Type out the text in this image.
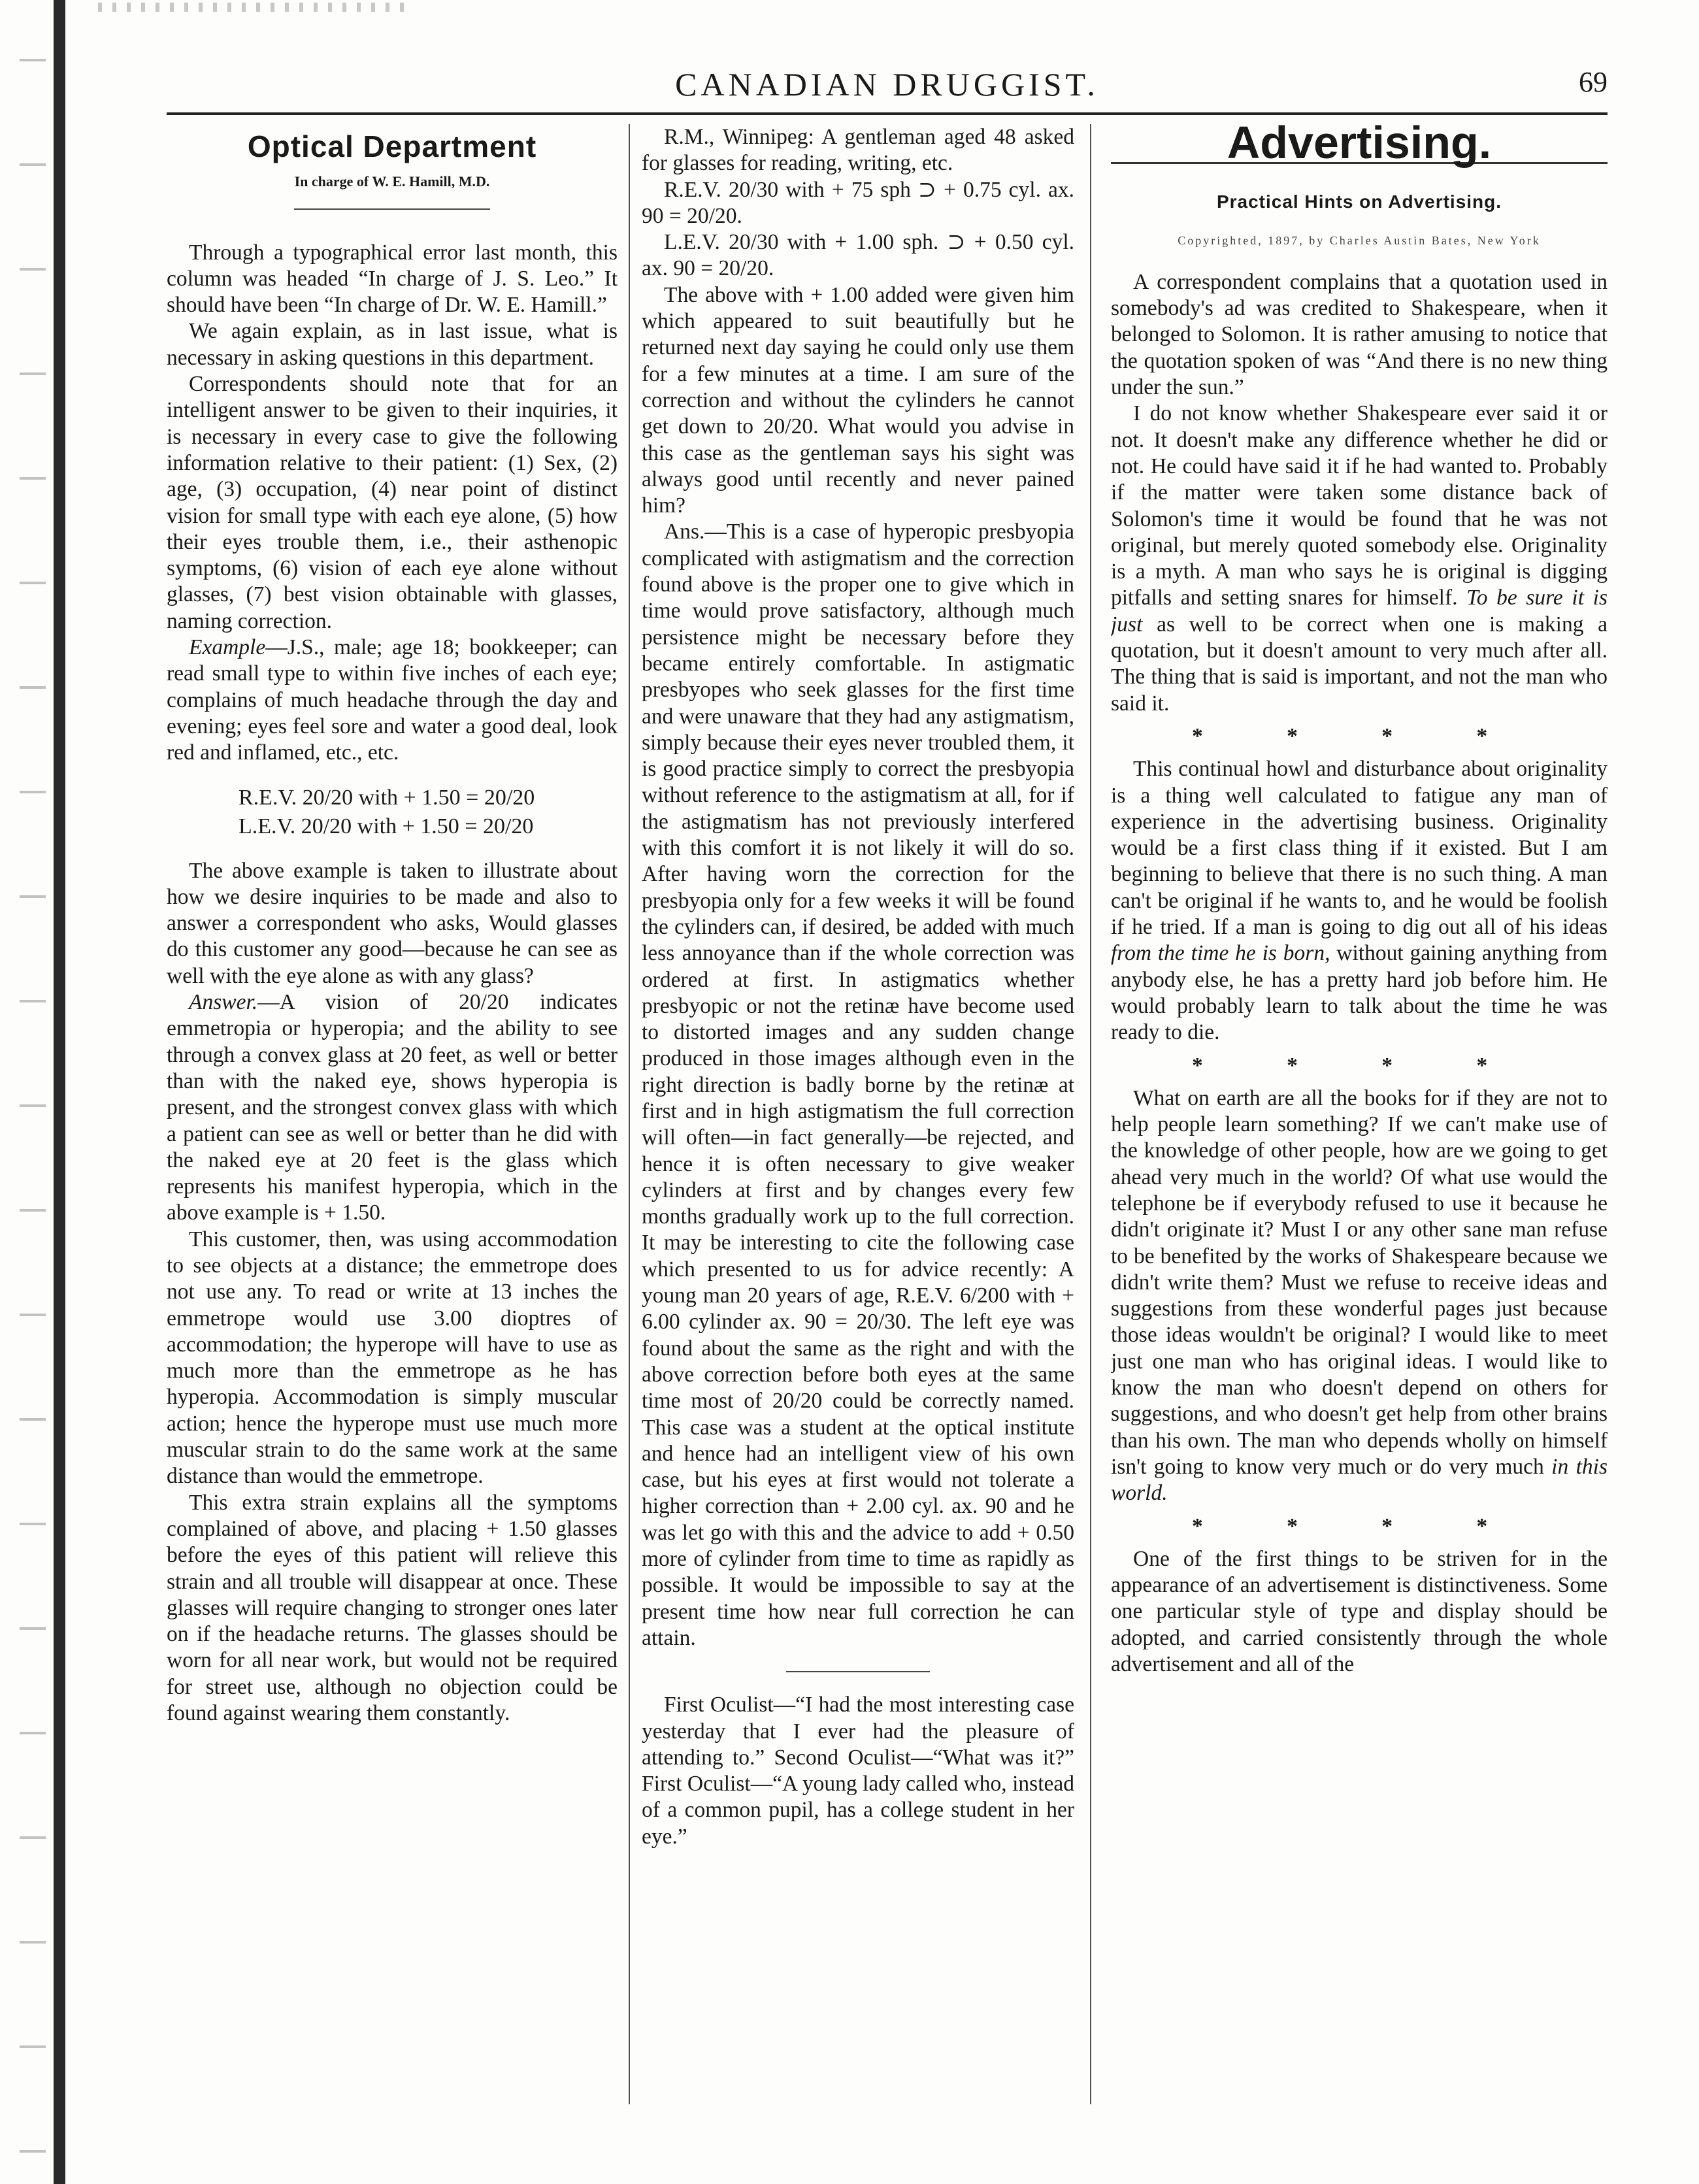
CANADIAN DRUGGIST.	69
Optical Department
In charge of W. E. Hamill, M.D.

Through a typographical error last month, this column was headed “In charge of J. S. Leo.” It should have been “In charge of Dr. W. E. Hamill.”

We again explain, as in last issue, what is necessary in asking questions in this department.

Correspondents should note that for an intelligent answer to be given to their inquiries, it is necessary in every case to give the following information relative to their patient: (1) Sex, (2) age, (3) occupation, (4) near point of distinct vision for small type with each eye alone, (5) how their eyes trouble them, i.e., their asthenopic symptoms, (6) vision of each eye alone without glasses, (7) best vision obtainable with glasses, naming correction.

Example—J.S., male; age 18; bookkeeper; can read small type to within five inches of each eye; complains of much headache through the day and evening; eyes feel sore and water a good deal, look red and inflamed, etc., etc.

R.E.V. 20/20 with + 1.50 = 20/20
L.E.V. 20/20 with + 1.50 = 20/20

The above example is taken to illustrate about how we desire inquiries to be made and also to answer a correspondent who asks, Would glasses do this customer any good—because he can see as well with the eye alone as with any glass?

Answer.—A vision of 20/20 indicates emmetropia or hyperopia; and the ability to see through a convex glass at 20 feet, as well or better than with the naked eye, shows hyperopia is present, and the strongest convex glass with which a patient can see as well or better than he did with the naked eye at 20 feet is the glass which represents his manifest hyperopia, which in the above example is + 1.50.

This customer, then, was using accommodation to see objects at a distance; the emmetrope does not use any. To read or write at 13 inches the emmetrope would use 3.00 dioptres of accommodation; the hyperope will have to use as much more than the emmetrope as he has hyperopia. Accommodation is simply muscular action; hence the hyperope must use much more muscular strain to do the same work at the same distance than would the emmetrope.

This extra strain explains all the symptoms complained of above, and placing + 1.50 glasses before the eyes of this patient will relieve this strain and all trouble will disappear at once. These glasses will require changing to stronger ones later on if the headache returns. The glasses should be worn for all near work, but would not be required for street use, although no objection could be found against wearing them constantly.

R.M., Winnipeg: A gentleman aged 48 asked for glasses for reading, writing, etc.

R.E.V. 20/30 with + 75 sph ⊃ + 0.75 cyl. ax. 90 = 20/20.

L.E.V. 20/30 with + 1.00 sph. ⊃ + 0.50 cyl. ax. 90 = 20/20.

The above with + 1.00 added were given him which appeared to suit beautifully but he returned next day saying he could only use them for a few minutes at a time. I am sure of the correction and without the cylinders he cannot get down to 20/20. What would you advise in this case as the gentleman says his sight was always good until recently and never pained him?

Ans.—This is a case of hyperopic presbyopia complicated with astigmatism and the correction found above is the proper one to give which in time would prove satisfactory, although much persistence might be necessary before they became entirely comfortable. In astigmatic presbyopes who seek glasses for the first time and were unaware that they had any astigmatism, simply because their eyes never troubled them, it is good practice simply to correct the presbyopia without reference to the astigmatism at all, for if the astigmatism has not previously interfered with this comfort it is not likely it will do so. After having worn the correction for the presbyopia only for a few weeks it will be found the cylinders can, if desired, be added with much less annoyance than if the whole correction was ordered at first. In astigmatics whether presbyopic or not the retinæ have become used to distorted images and any sudden change produced in those images although even in the right direction is badly borne by the retinæ at first and in high astigmatism the full correction will often—in fact generally—be rejected, and hence it is often necessary to give weaker cylinders at first and by changes every few months gradually work up to the full correction. It may be interesting to cite the following case which presented to us for advice recently: A young man 20 years of age, R.E.V. 6/200 with + 6.00 cylinder ax. 90 = 20/30. The left eye was found about the same as the right and with the above correction before both eyes at the same time most of 20/20 could be correctly named. This case was a student at the optical institute and hence had an intelligent view of his own case, but his eyes at first would not tolerate a higher correction than + 2.00 cyl. ax. 90 and he was let go with this and the advice to add + 0.50 more of cylinder from time to time as rapidly as possible. It would be impossible to say at the present time how near full correction he can attain.

First Oculist—“I had the most interesting case yesterday that I ever had the pleasure of attending to.” Second Oculist—“What was it?” First Oculist—“A young lady called who, instead of a common pupil, has a college student in her eye.”

Advertising.
Practical Hints on Advertising.
Copyrighted, 1897, by Charles Austin Bates, New York

A correspondent complains that a quotation used in somebody's ad was credited to Shakespeare, when it belonged to Solomon. It is rather amusing to notice that the quotation spoken of was “And there is no new thing under the sun.”

I do not know whether Shakespeare ever said it or not. It doesn't make any difference whether he did or not. He could have said it if he had wanted to. Probably if the matter were taken some distance back of Solomon's time it would be found that he was not original, but merely quoted somebody else. Originality is a myth. A man who says he is original is digging pitfalls and setting snares for himself. To be sure it is just as well to be correct when one is making a quotation, but it doesn't amount to very much after all. The thing that is said is important, and not the man who said it.

* * * *

This continual howl and disturbance about originality is a thing well calculated to fatigue any man of experience in the advertising business. Originality would be a first class thing if it existed. But I am beginning to believe that there is no such thing. A man can't be original if he wants to, and he would be foolish if he tried. If a man is going to dig out all of his ideas from the time he is born, without gaining anything from anybody else, he has a pretty hard job before him. He would probably learn to talk about the time he was ready to die.

* * * *

What on earth are all the books for if they are not to help people learn something? If we can't make use of the knowledge of other people, how are we going to get ahead very much in the world? Of what use would the telephone be if everybody refused to use it because he didn't originate it? Must I or any other sane man refuse to be benefited by the works of Shakespeare because we didn't write them? Must we refuse to receive ideas and suggestions from these wonderful pages just because those ideas wouldn't be original? I would like to meet just one man who has original ideas. I would like to know the man who doesn't depend on others for suggestions, and who doesn't get help from other brains than his own. The man who depends wholly on himself isn't going to know very much or do very much in this world.

* * * *

One of the first things to be striven for in the appearance of an advertisement is distinctiveness. Some one particular style of type and display should be adopted, and carried consistently through the whole advertisement and all of the
